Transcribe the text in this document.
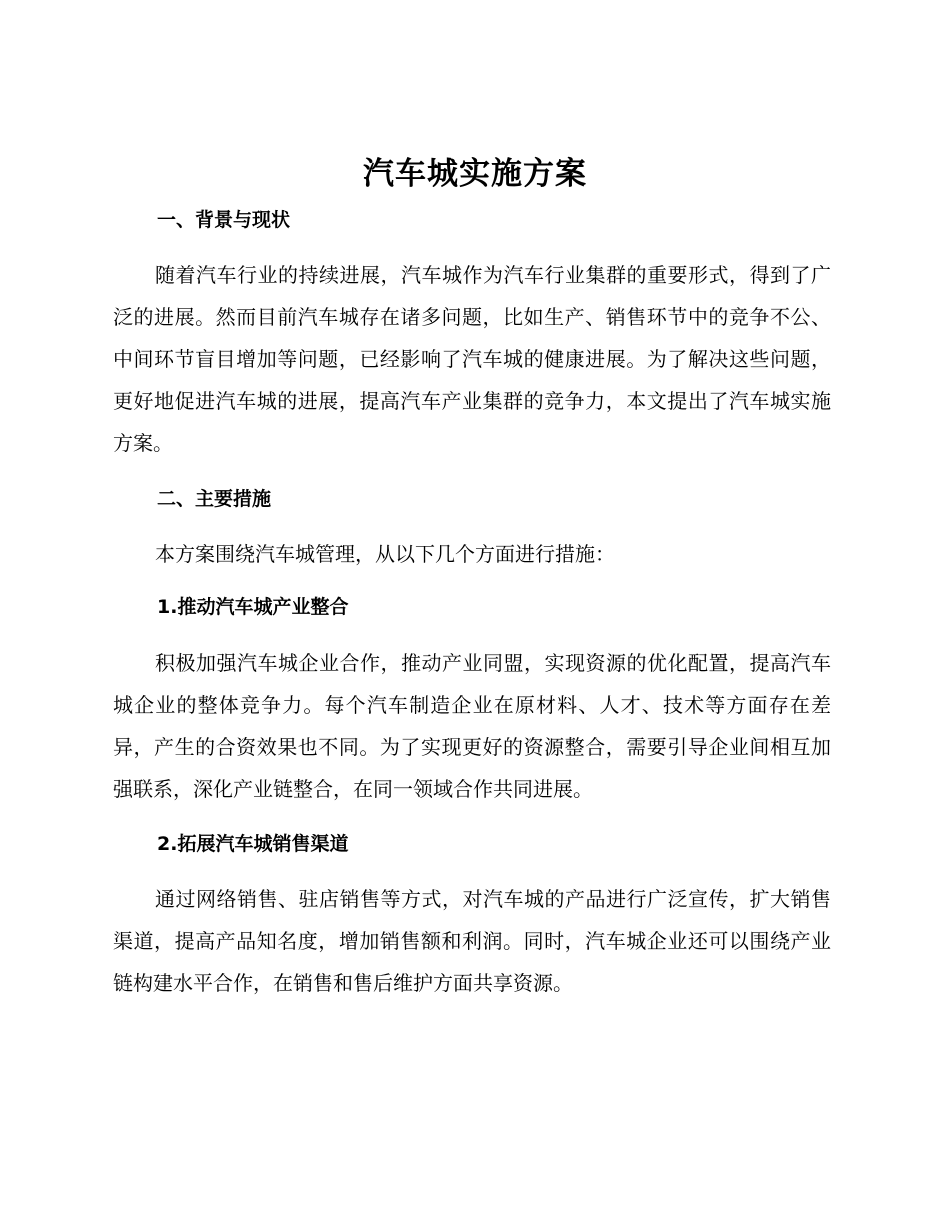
汽车城实施方案
一、背景与现状

随着汽车行业的持续进展，汽车城作为汽车行业集群的重要形式，得到了广泛的进展。然而目前汽车城存在诸多问题，比如生产、销售环节中的竞争不公、中间环节盲目增加等问题，已经影响了汽车城的健康进展。为了解决这些问题，更好地促进汽车城的进展，提高汽车产业集群的竞争力，本文提出了汽车城实施方案。

二、主要措施

本方案围绕汽车城管理，从以下几个方面进行措施：

1.推动汽车城产业整合

积极加强汽车城企业合作，推动产业同盟，实现资源的优化配置，提高汽车城企业的整体竞争力。每个汽车制造企业在原材料、人才、技术等方面存在差异，产生的合资效果也不同。为了实现更好的资源整合，需要引导企业间相互加强联系，深化产业链整合，在同一领域合作共同进展。

2.拓展汽车城销售渠道

通过网络销售、驻店销售等方式，对汽车城的产品进行广泛宣传，扩大销售渠道，提高产品知名度，增加销售额和利润。同时，汽车城企业还可以围绕产业链构建水平合作，在销售和售后维护方面共享资源。
